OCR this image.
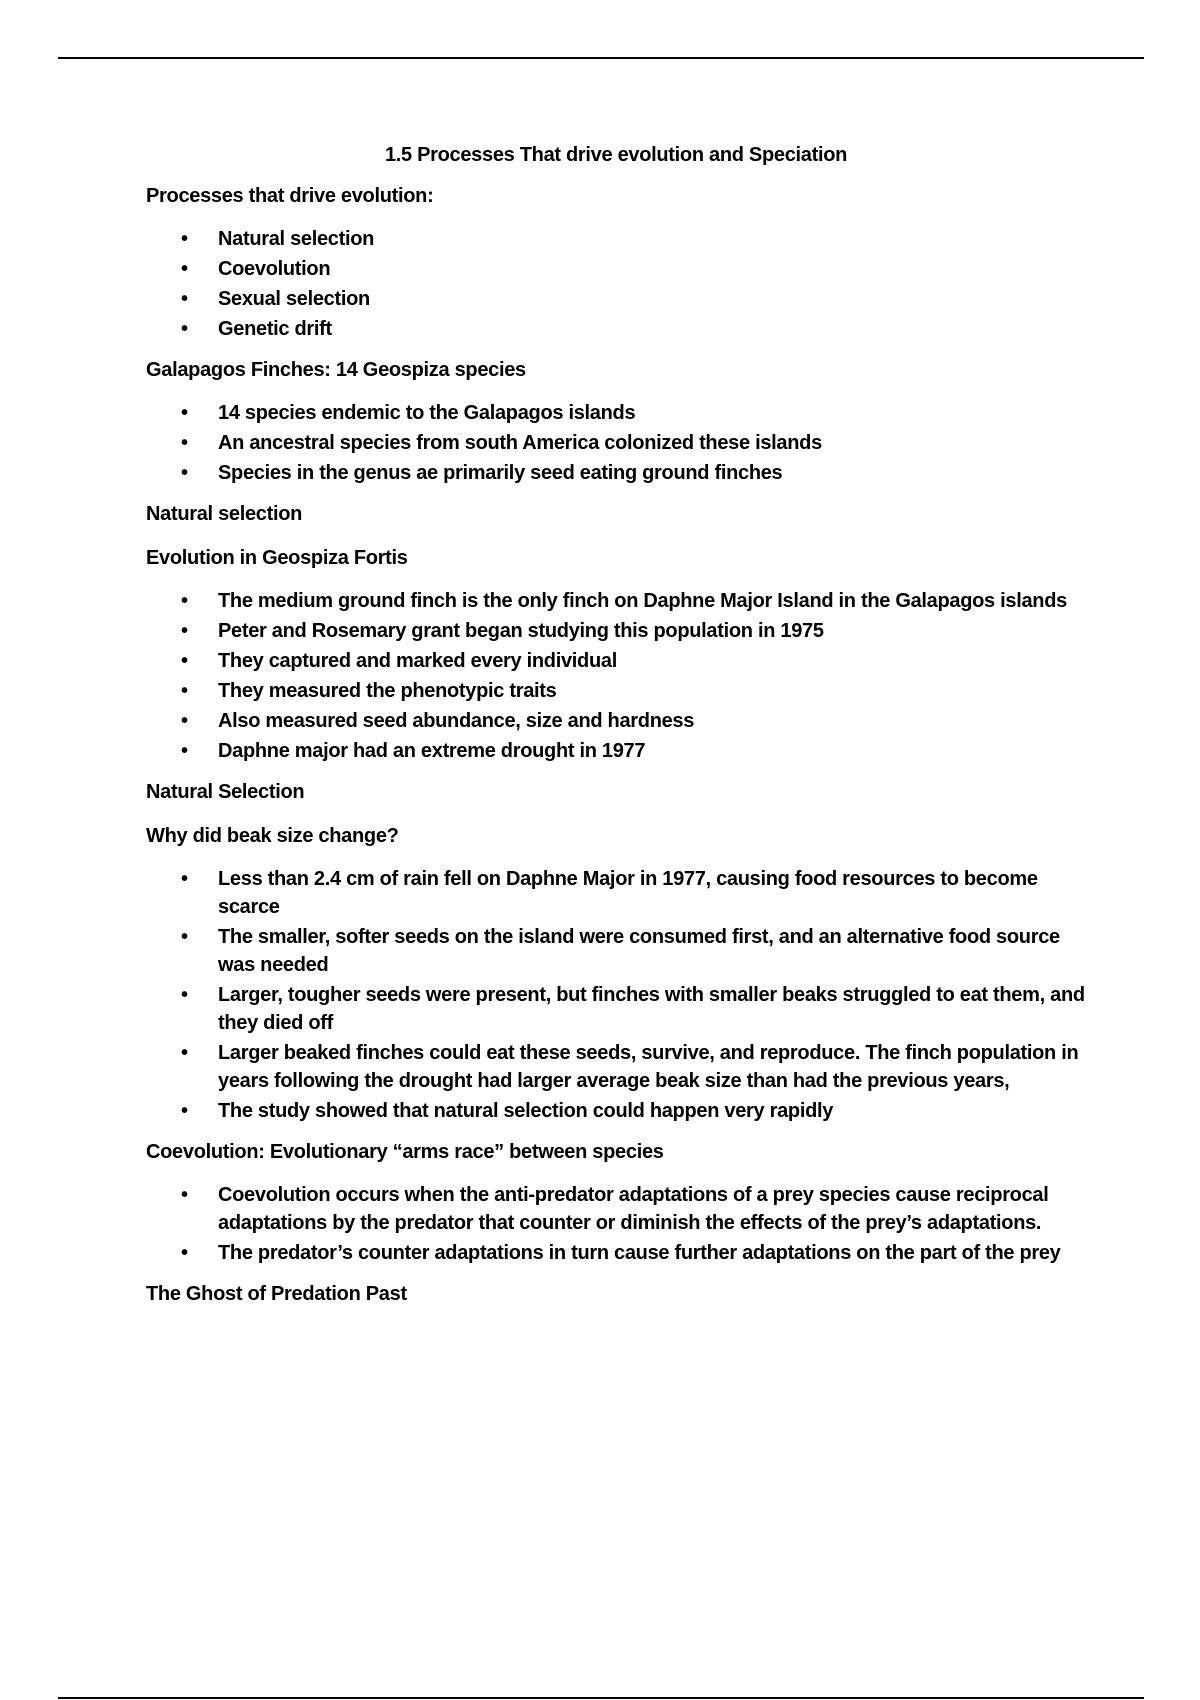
1.5 Processes That drive evolution and Speciation
Processes that drive evolution:
• Natural selection
• Coevolution
• Sexual selection
• Genetic drift
Galapagos Finches: 14 Geospiza species
• 14 species endemic to the Galapagos islands
• An ancestral species from south America colonized these islands
• Species in the genus ae primarily seed eating ground finches
Natural selection
Evolution in Geospiza Fortis
• The medium ground finch is the only finch on Daphne Major Island in the Galapagos islands
• Peter and Rosemary grant began studying this population in 1975
• They captured and marked every individual
• They measured the phenotypic traits
• Also measured seed abundance, size and hardness
• Daphne major had an extreme drought in 1977
Natural Selection
Why did beak size change?
• Less than 2.4 cm of rain fell on Daphne Major in 1977, causing food resources to become scarce
• The smaller, softer seeds on the island were consumed first, and an alternative food source was needed
• Larger, tougher seeds were present, but finches with smaller beaks struggled to eat them, and they died off
• Larger beaked finches could eat these seeds, survive, and reproduce. The finch population in years following the drought had larger average beak size than had the previous years,
• The study showed that natural selection could happen very rapidly
Coevolution: Evolutionary “arms race” between species
• Coevolution occurs when the anti-predator adaptations of a prey species cause reciprocal adaptations by the predator that counter or diminish the effects of the prey’s adaptations.
• The predator’s counter adaptations in turn cause further adaptations on the part of the prey
The Ghost of Predation Past
